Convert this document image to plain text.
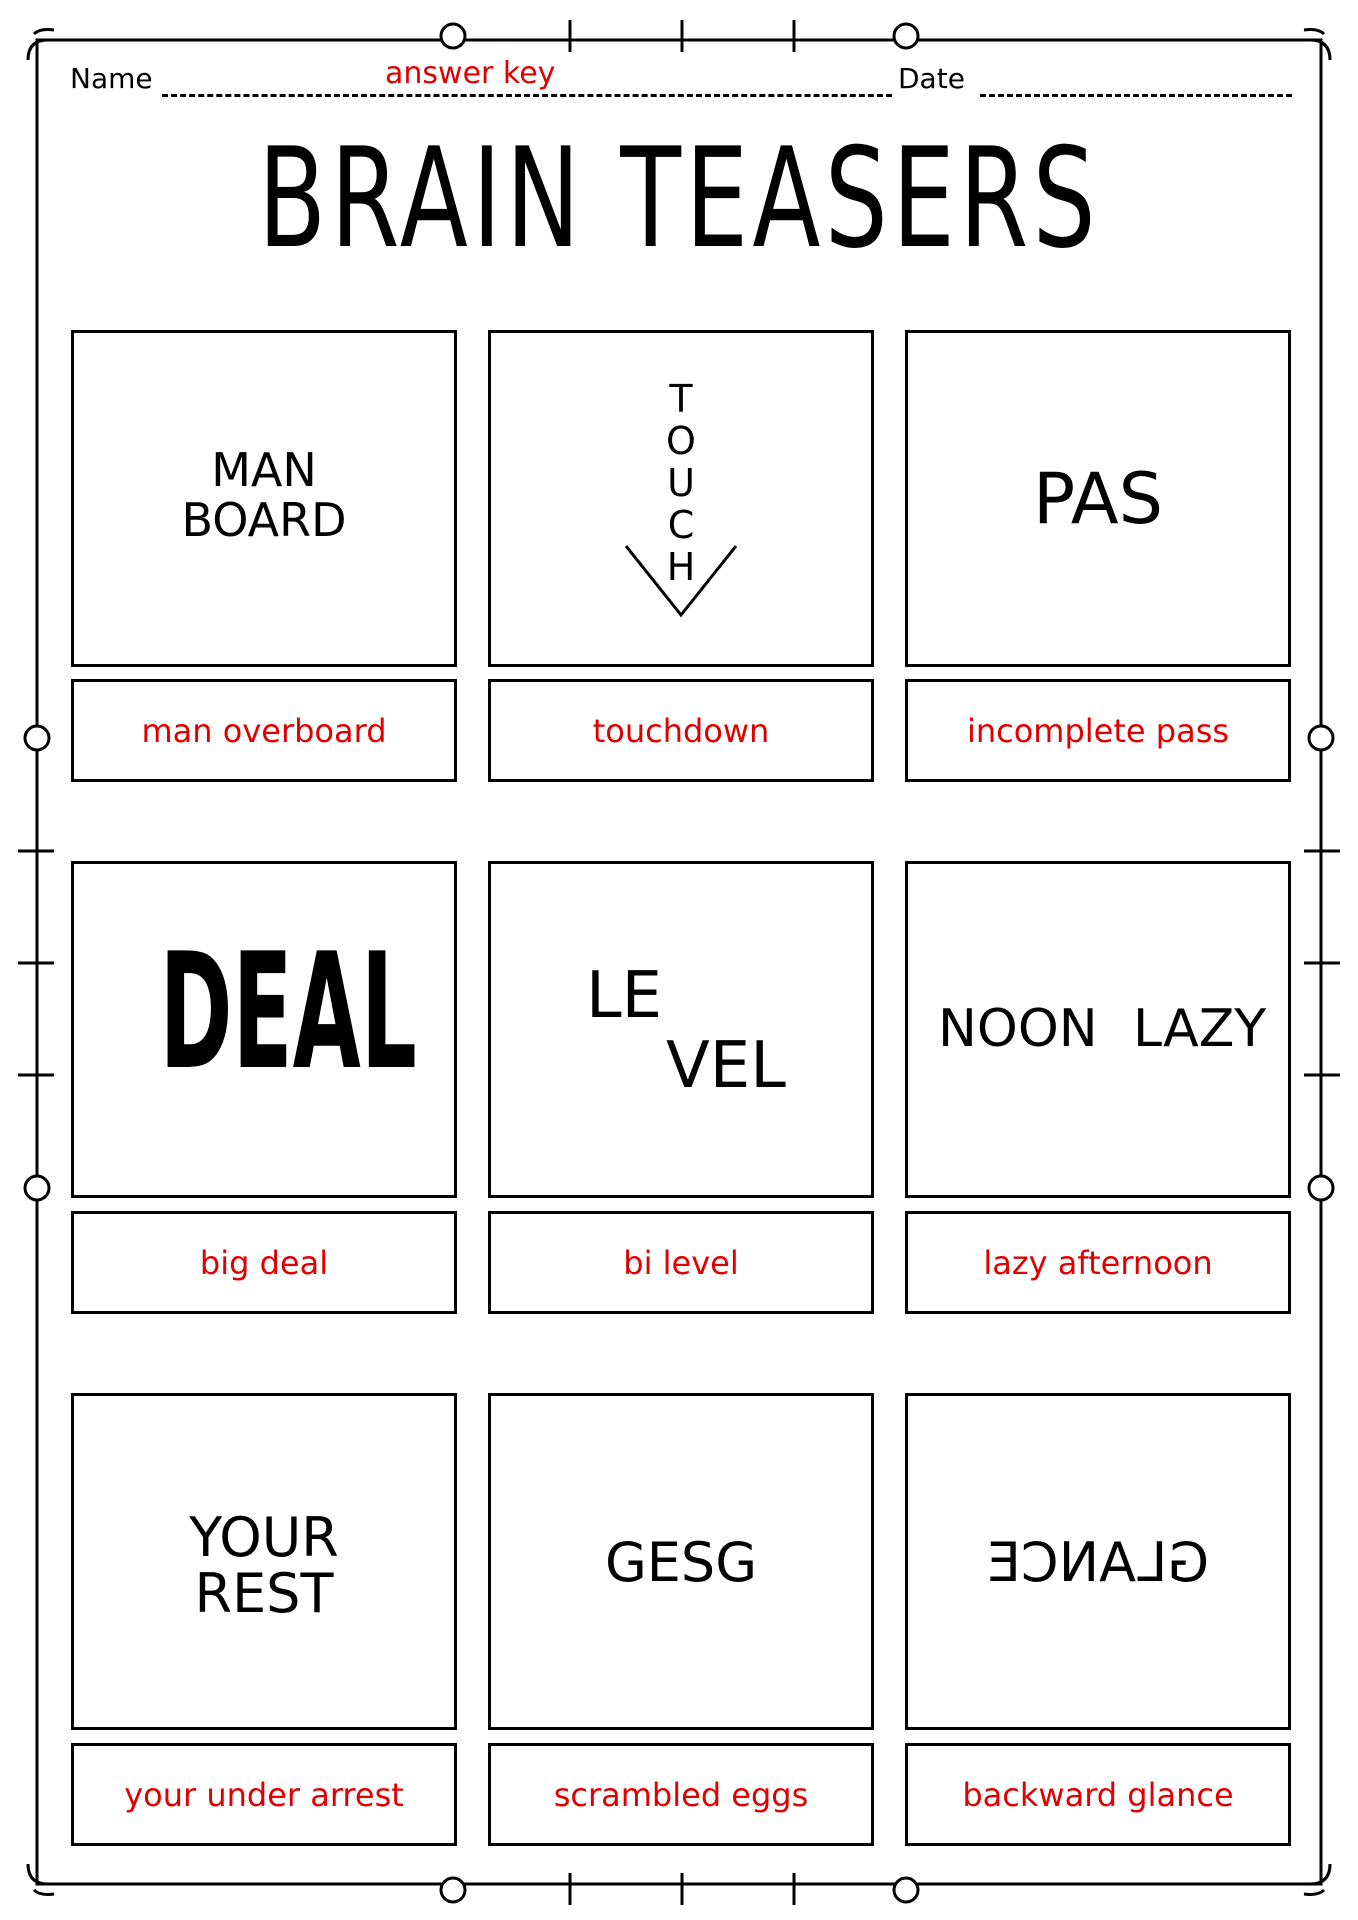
Name	answer key	Date
BRAIN TEASERS
MAN
BOARD
man overboard
T
O
U
C
H
touchdown
PAS
incomplete pass
DEAL
big deal
LE
VEL
bi level
NOON LAZY
lazy afternoon
YOUR
REST
your under arrest
GESG
scrambled eggs
GLANCE
backward glance
